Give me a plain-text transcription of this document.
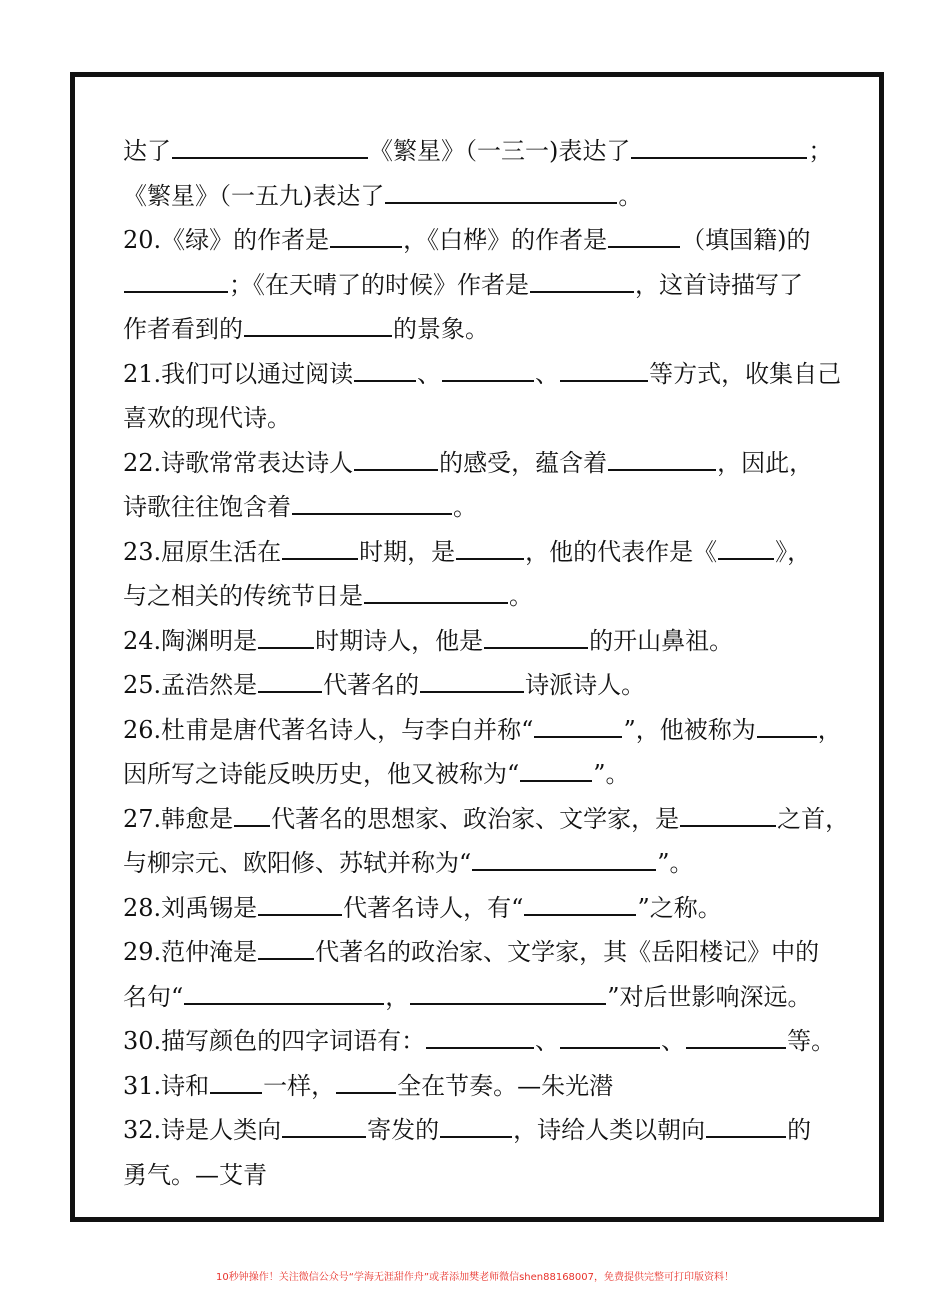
达了	《繁星》（一三一)表达了	；
《繁星》（一五九)表达了	。
20.《绿》的作者是	，《白桦》的作者是	（填国籍)的
；《在天晴了的时候》作者是	，这首诗描写了
作者看到的	的景象。
21.我们可以通过阅读	、	、	等方式，收集自己
喜欢的现代诗。
22.诗歌常常表达诗人	的感受，蕴含着	，因此，
诗歌往往饱含着	。
23.屈原生活在	时期，是	，他的代表作是《 》，
与之相关的传统节日是	。
24.陶渊明是 时期诗人，他是	的开山鼻祖。
25.孟浩然是	代著名的	诗派诗人。
26.杜甫是唐代著名诗人，与李白并称“	”，他被称为	，
因所写之诗能反映历史，他又被称为“	”。
27.韩愈是 代著名的思想家、政治家、文学家，是	之首，
与柳宗元、欧阳修、苏轼并称为“	”。
28.刘禹锡是	代著名诗人，有“	”之称。
29.范仲淹是 代著名的政治家、文学家，其《岳阳楼记》中的
名句“	，	”对后世影响深远。
30.描写颜色的四字词语有：	、	、	等。
31.诗和 一样，	全在节奏。—朱光潜
32.诗是人类向	寄发的	，诗给人类以朝向	的
勇气。—艾青
10秒钟操作！关注微信公众号“学海无涯甜作舟”或者添加樊老师微信shen88168007，免费提供完整可打印版资料！
